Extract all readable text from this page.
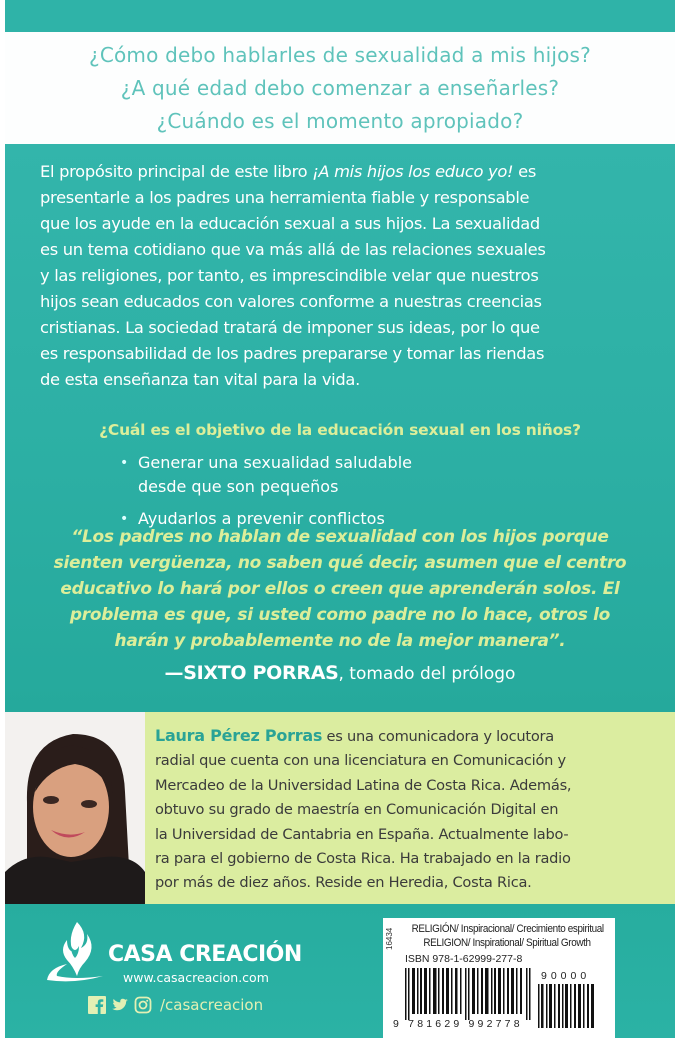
¿Cómo debo hablarles de sexualidad a mis hijos?
¿A qué edad debo comenzar a enseñarles?
¿Cuándo es el momento apropiado?
El propósito principal de este libro ¡A mis hijos los educo yo! es
presentarle a los padres una herramienta fiable y responsable
que los ayude en la educación sexual a sus hijos. La sexualidad
es un tema cotidiano que va más allá de las relaciones sexuales
y las religiones, por tanto, es imprescindible velar que nuestros
hijos sean educados con valores conforme a nuestras creencias
cristianas. La sociedad tratará de imponer sus ideas, por lo que
es responsabilidad de los padres prepararse y tomar las riendas
de esta enseñanza tan vital para la vida.
¿Cuál es el objetivo de la educación sexual en los niños?
• Generar una sexualidad saludable
desde que son pequeños
• Ayudarlos a prevenir conflictos
“Los padres no hablan de sexualidad con los hijos porque
sienten vergüenza, no saben qué decir, asumen que el centro
educativo lo hará por ellos o creen que aprenderán solos. El
problema es que, si usted como padre no lo hace, otros lo
harán y probablemente no de la mejor manera”.
—SIXTO PORRAS, tomado del prólogo
Laura Pérez Porras es una comunicadora y locutora
radial que cuenta con una licenciatura en Comunicación y
Mercadeo de la Universidad Latina de Costa Rica. Además,
obtuvo su grado de maestría en Comunicación Digital en
la Universidad de Cantabria en España. Actualmente labo-
ra para el gobierno de Costa Rica. Ha trabajado en la radio
por más de diez años. Reside en Heredia, Costa Rica.
CASA CREACIÓN
www.casacreacion.com
/casacreacion
16434	RELIGIÓN/ Inspiracional/ Crecimiento espiritual
RELIGION/ Inspirational/ Spiritual Growth
ISBN 978-1-62999-277-8
90000
9 781629 992778
